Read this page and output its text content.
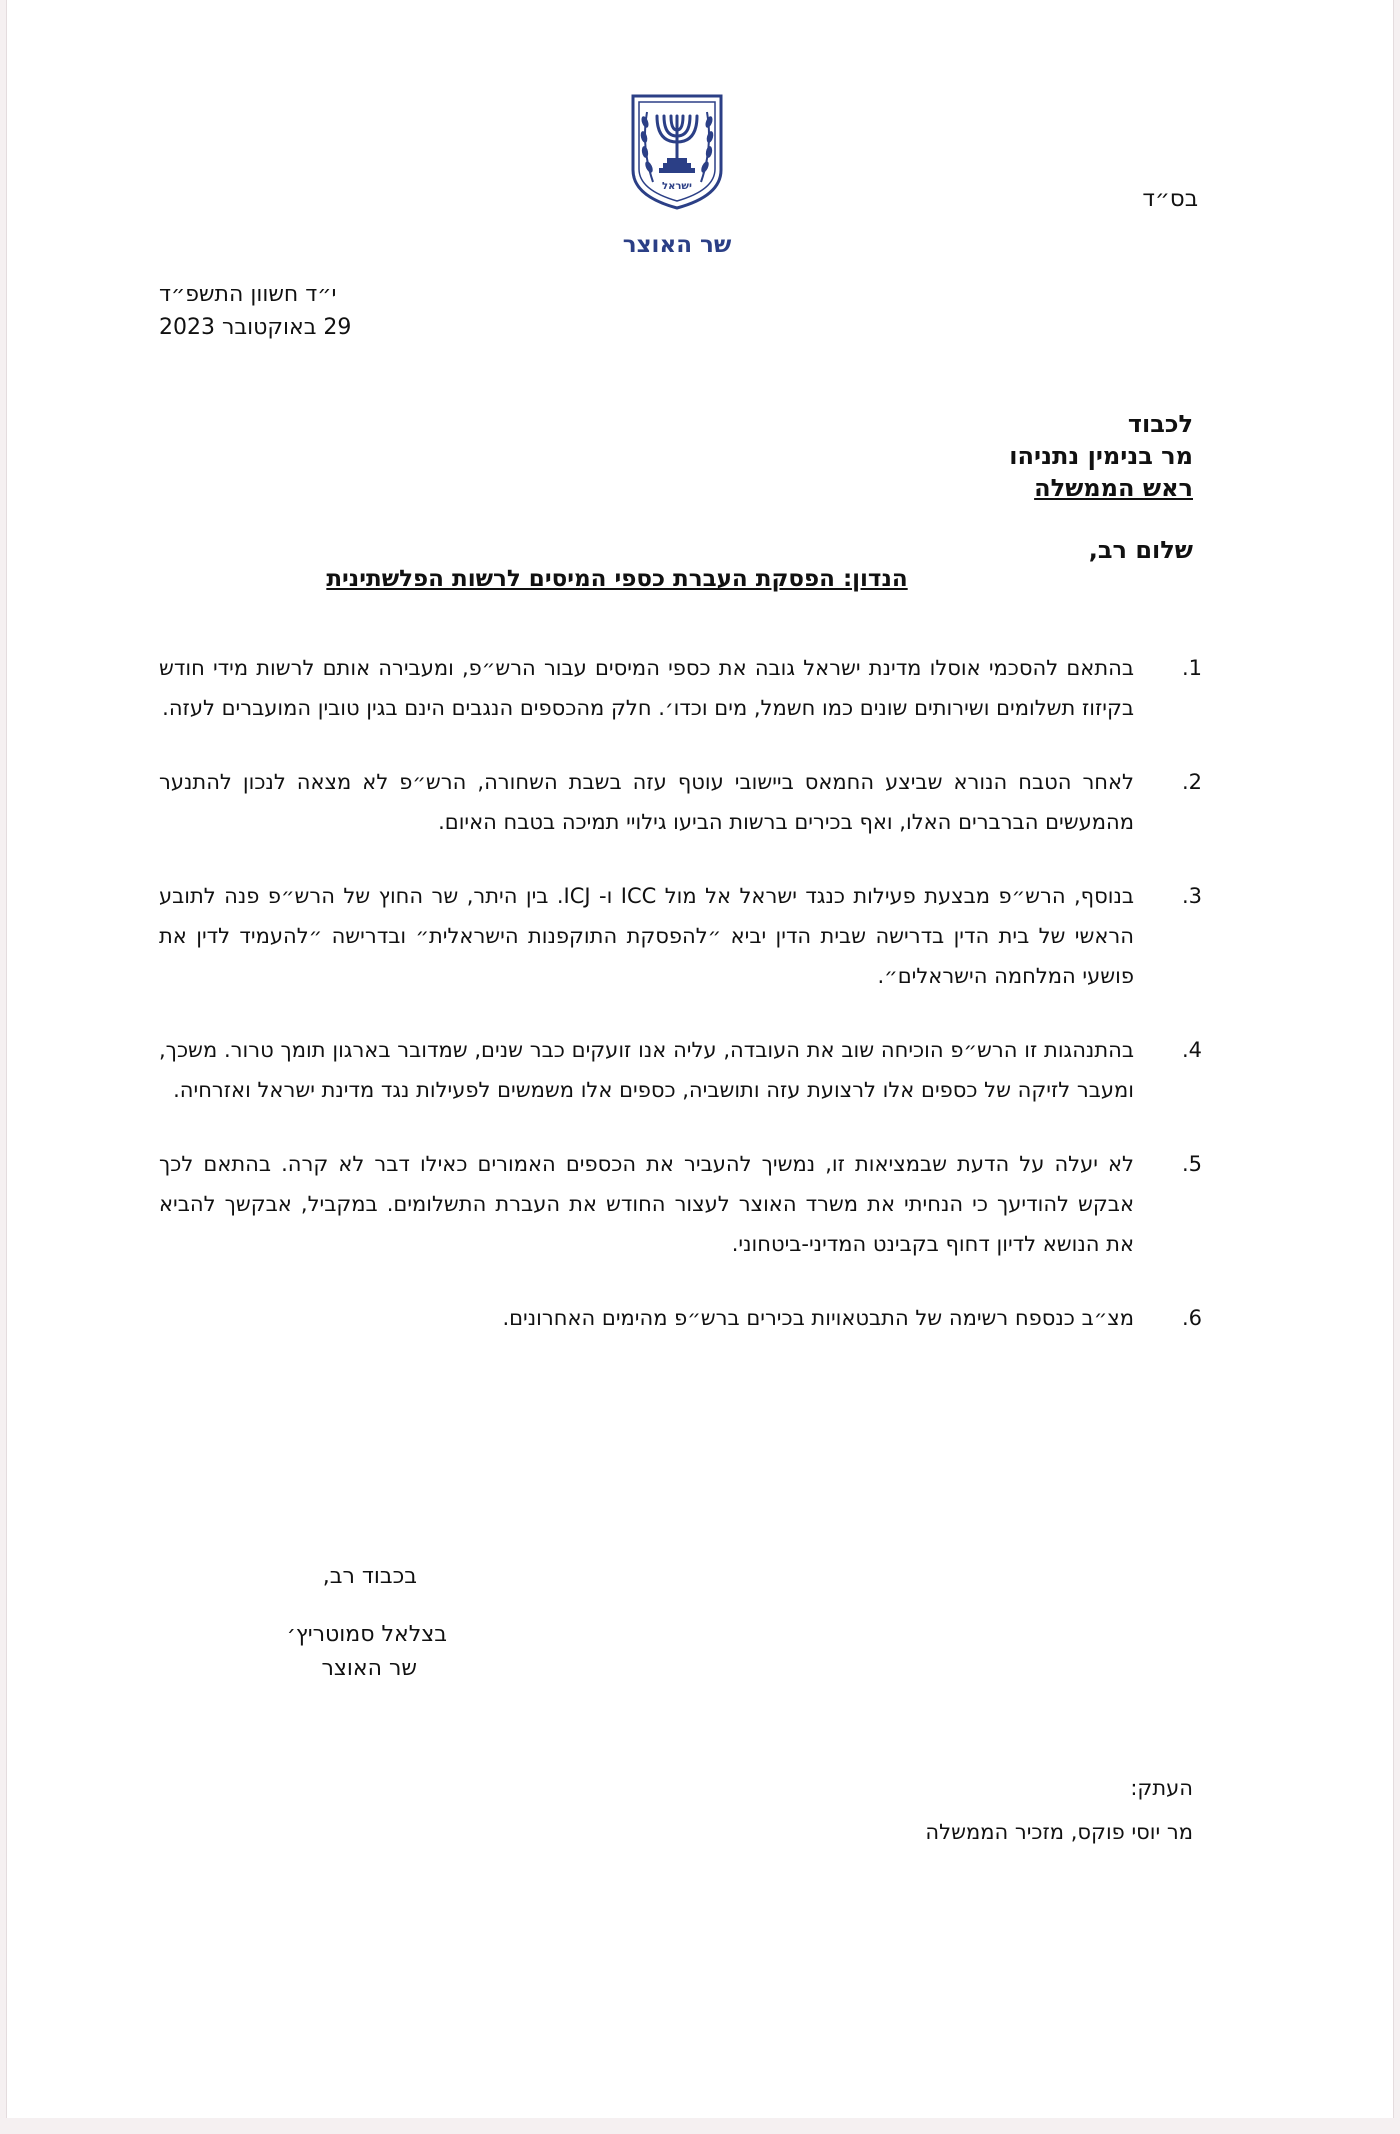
ישראל
שר האוצר
בס״ד
י״ד חשוון התשפ״ד
29 באוקטובר 2023
לכבוד
מר בנימין נתניהו
ראש הממשלה
שלום רב,
הנדון: הפסקת העברת כספי המיסים לרשות הפלשתינית
1.
בהתאם להסכמי אוסלו מדינת ישראל גובה את כספי המיסים עבור הרש״פ, ומעבירה אותם לרשות מידי חודש בקיזוז תשלומים ושירותים שונים כמו חשמל, מים וכדו׳. חלק מהכספים הנגבים הינם בגין טובין המועברים לעזה.
2.
לאחר הטבח הנורא שביצע החמאס ביישובי עוטף עזה בשבת השחורה, הרש״פ לא מצאה לנכון להתנער מהמעשים הברברים האלו, ואף בכירים ברשות הביעו גילויי תמיכה בטבח האיום.
3.
בנוסף, הרש״פ מבצעת פעילות כנגד ישראל אל מול ICC ו- ICJ. בין היתר, שר החוץ של הרש״פ פנה לתובע הראשי של בית הדין בדרישה שבית הדין יביא ״להפסקת התוקפנות הישראלית״ ובדרישה ״להעמיד לדין את פושעי המלחמה הישראלים״.
4.
בהתנהגות זו הרש״פ הוכיחה שוב את העובדה, עליה אנו זועקים כבר שנים, שמדובר בארגון תומך טרור. משכך, ומעבר לזיקה של כספים אלו לרצועת עזה ותושביה, כספים אלו משמשים לפעילות נגד מדינת ישראל ואזרחיה.
5.
לא יעלה על הדעת שבמציאות זו, נמשיך להעביר את הכספים האמורים כאילו דבר לא קרה. בהתאם לכך אבקש להודיעך כי הנחיתי את משרד האוצר לעצור החודש את העברת התשלומים. במקביל, אבקשך להביא את הנושא לדיון דחוף בקבינט המדיני-ביטחוני.
6.
מצ״ב כנספח רשימה של התבטאויות בכירים ברש״פ מהימים האחרונים.
בכבוד רב,
בצלאל סמוטריץ׳
שר האוצר
העתק:
מר יוסי פוקס, מזכיר הממשלה
